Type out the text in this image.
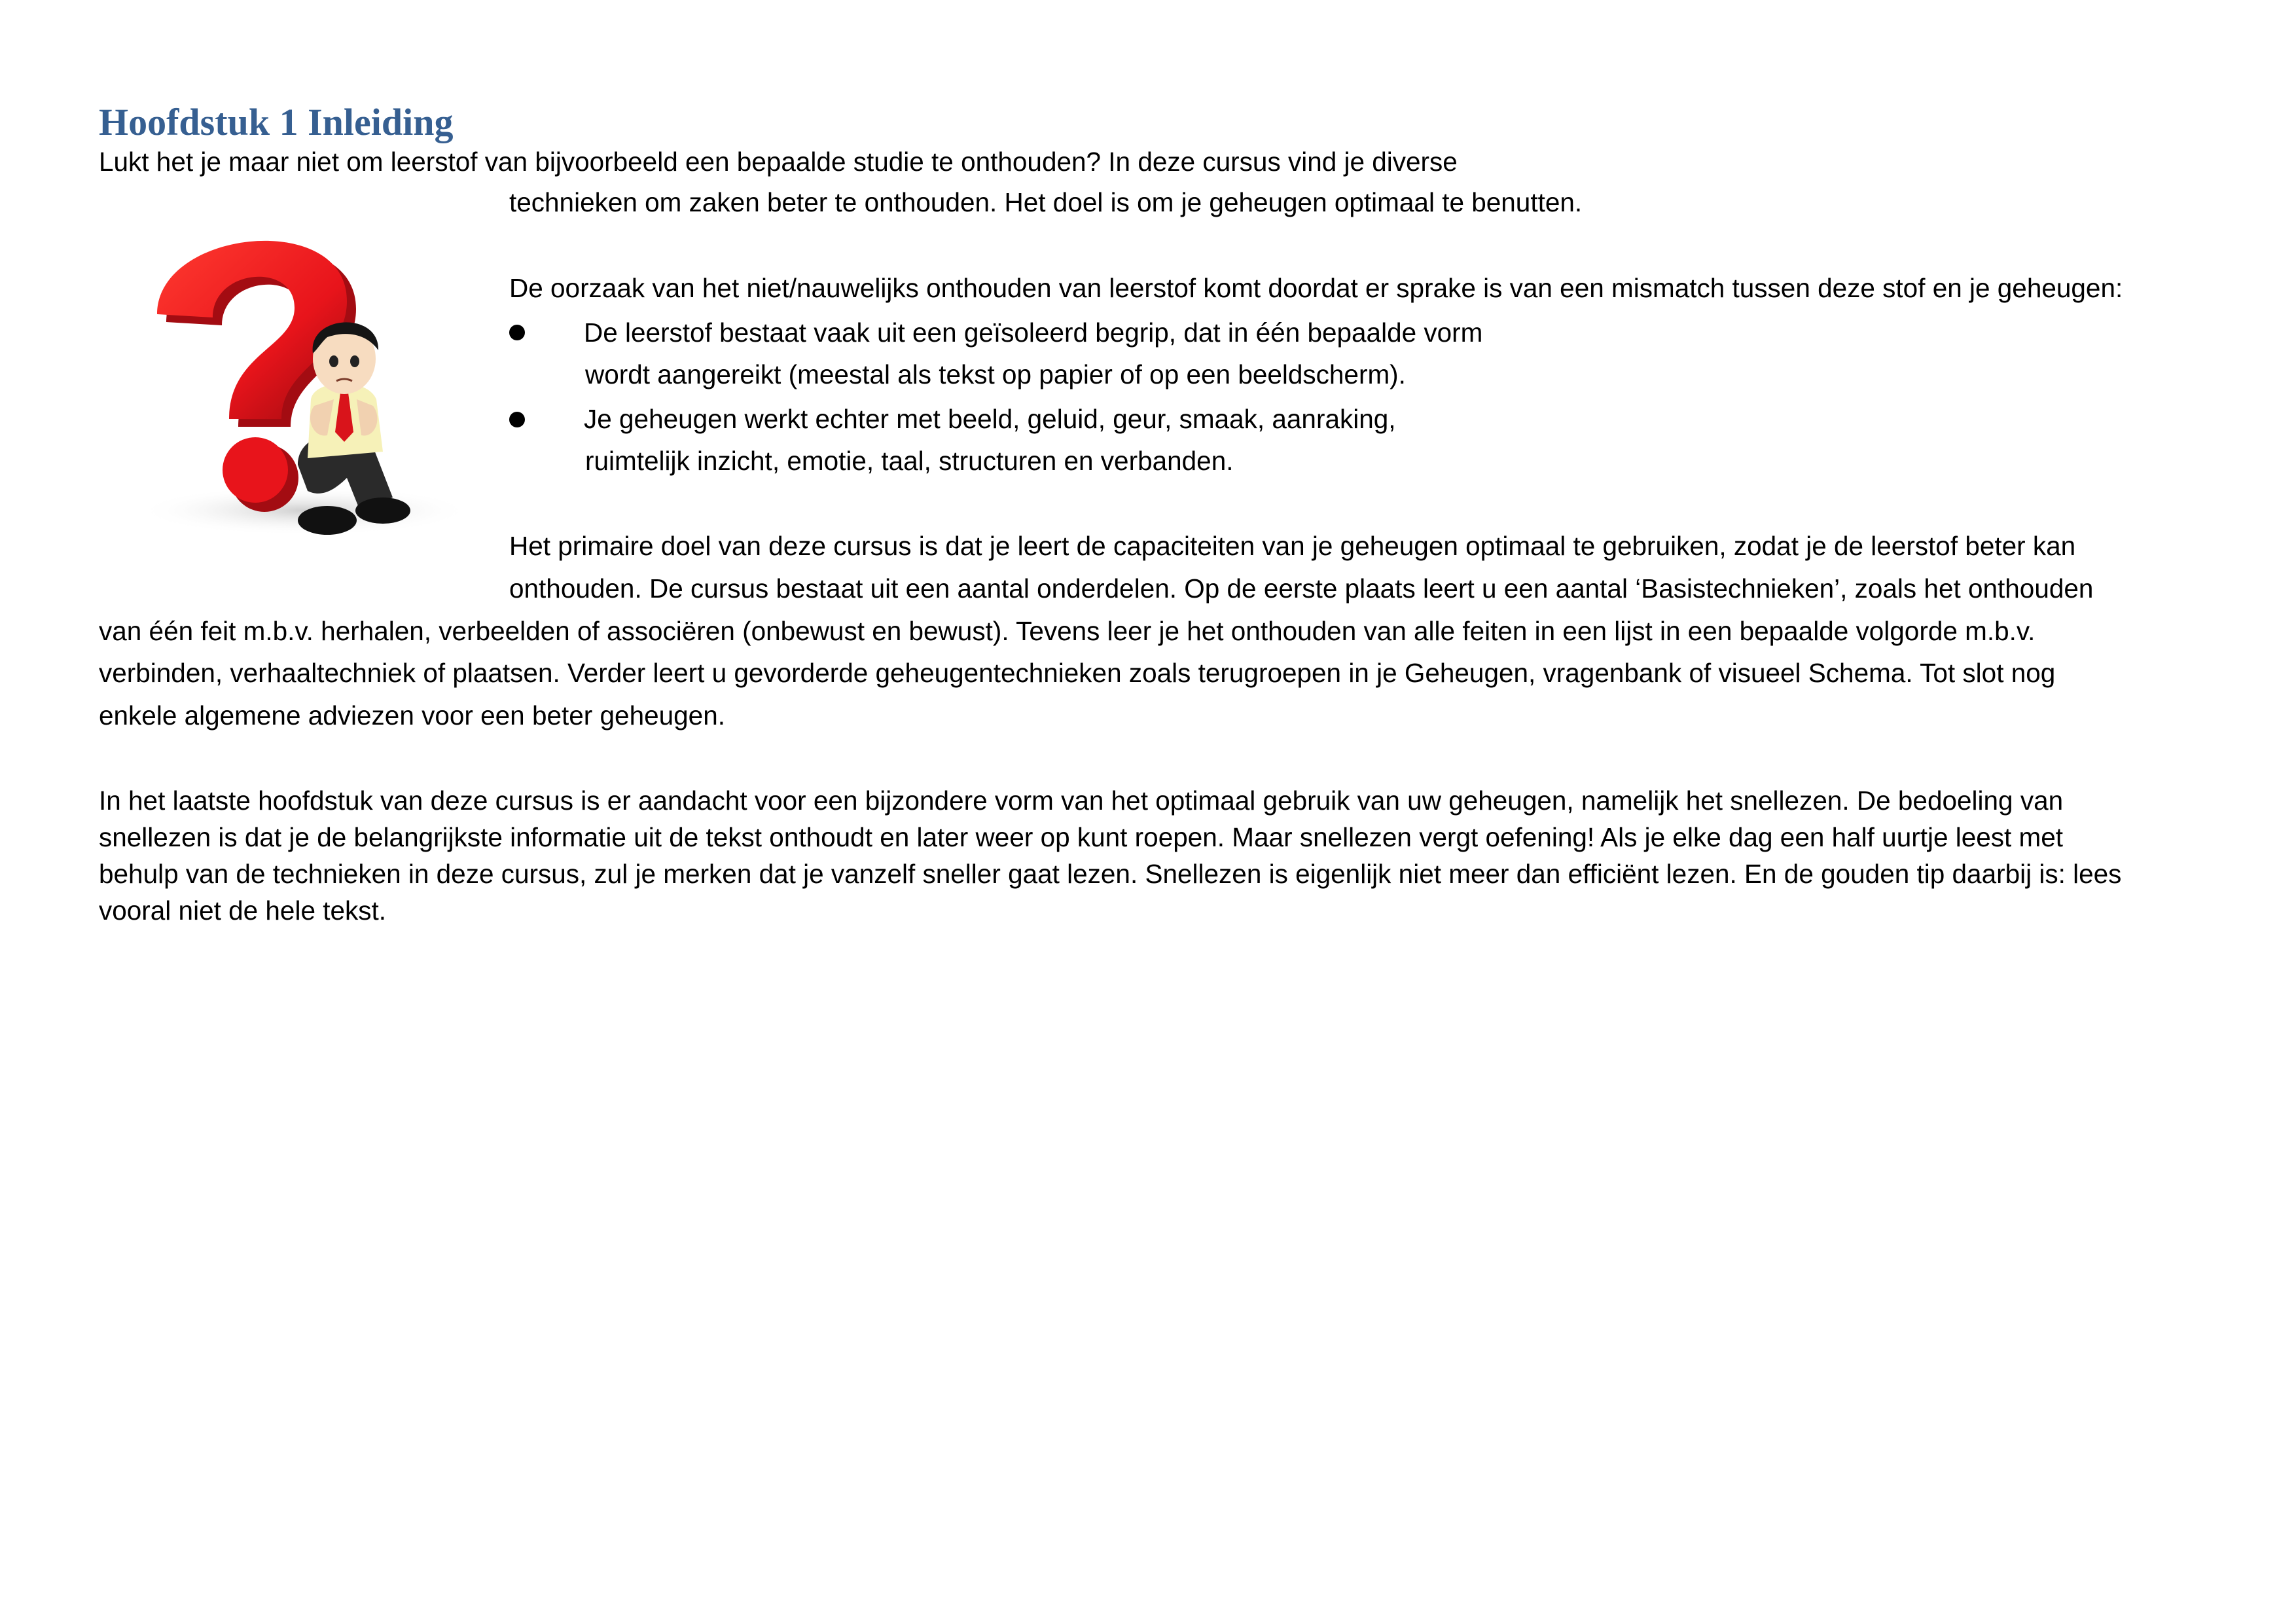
Hoofdstuk 1 Inleiding

Lukt het je maar niet om leerstof van bijvoorbeeld een bepaalde studie te onthouden? In deze cursus vind je diverse

technieken om zaken beter te onthouden. Het doel is om je geheugen optimaal te benutten.

De oorzaak van het niet/nauwelijks onthouden van leerstof komt doordat er sprake is van een mismatch tussen deze stof en je geheugen:

De leerstof bestaat vaak uit een geïsoleerd begrip, dat in één bepaalde vorm

wordt aangereikt (meestal als tekst op papier of op een beeldscherm).

Je geheugen werkt echter met beeld, geluid, geur, smaak, aanraking,

ruimtelijk inzicht, emotie, taal, structuren en verbanden.

Het primaire doel van deze cursus is dat je leert de capaciteiten van je geheugen optimaal te gebruiken, zodat je de leerstof beter kan

onthouden. De cursus bestaat uit een aantal onderdelen. Op de eerste plaats leert u een aantal ‘Basistechnieken’, zoals het onthouden

van één feit m.b.v. herhalen, verbeelden of associëren (onbewust en bewust). Tevens leer je het onthouden van alle feiten in een lijst in een bepaalde volgorde m.b.v.

verbinden, verhaaltechniek of plaatsen. Verder leert u gevorderde geheugentechnieken zoals terugroepen in je Geheugen, vragenbank of visueel Schema. Tot slot nog

enkele algemene adviezen voor een beter geheugen.

In het laatste hoofdstuk van deze cursus is er aandacht voor een bijzondere vorm van het optimaal gebruik van uw geheugen, namelijk het snellezen. De bedoeling van

snellezen is dat je de belangrijkste informatie uit de tekst onthoudt en later weer op kunt roepen. Maar snellezen vergt oefening! Als je elke dag een half uurtje leest met

behulp van de technieken in deze cursus, zul je merken dat je vanzelf sneller gaat lezen. Snellezen is eigenlijk niet meer dan efficiënt lezen. En de gouden tip daarbij is: lees

vooral niet de hele tekst.
